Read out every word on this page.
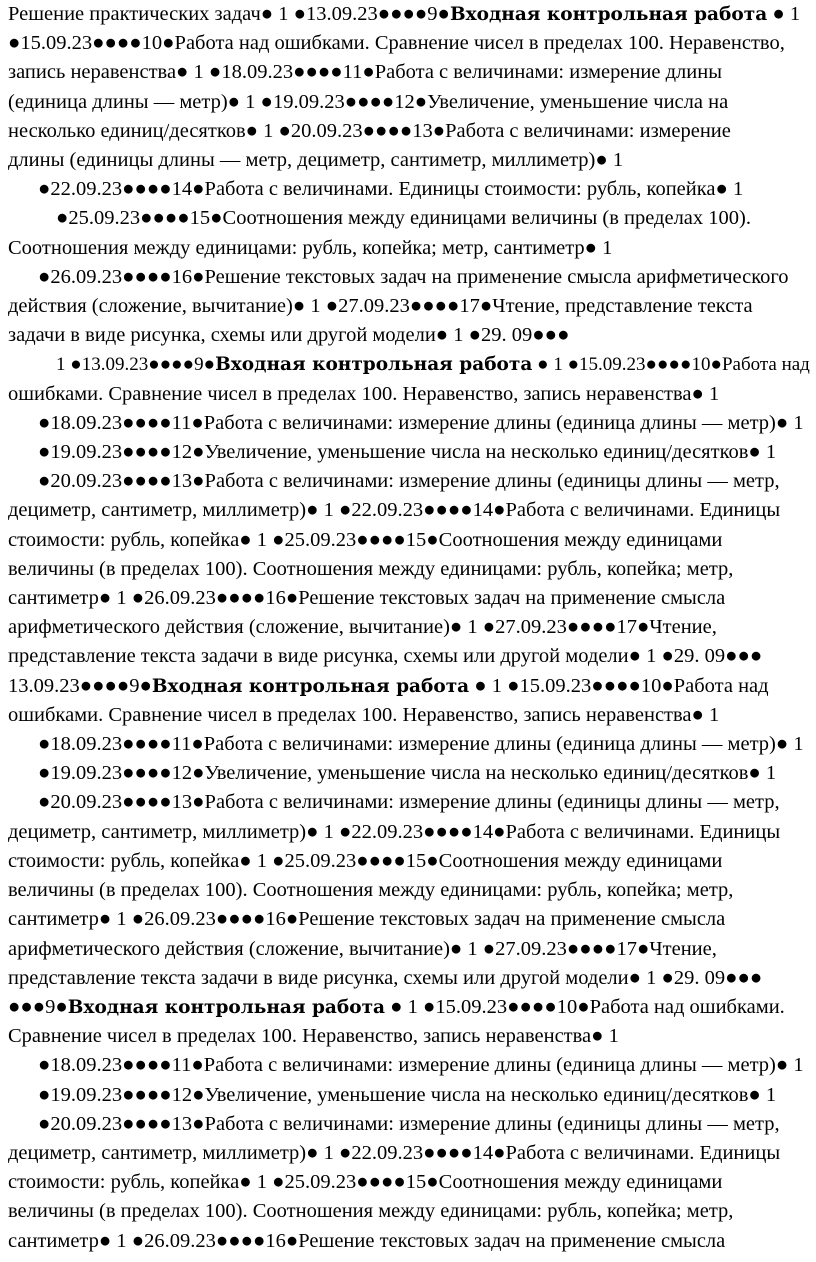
Решение практических задач● 1 ●13.09.23●●●●9●Входная контрольная работа ● 1
●15.09.23●●●●10●Работа над ошибками. Сравнение чисел в пределах 100. Неравенство,
запись неравенства● 1 ●18.09.23●●●●11●Работа с величинами: измерение длины
(единица длины — метр)● 1 ●19.09.23●●●●12●Увеличение, уменьшение числа на
несколько единиц/десятков● 1 ●20.09.23●●●●13●Работа с величинами: измерение
длины (единицы длины — метр, дециметр, сантиметр, миллиметр)● 1
●22.09.23●●●●14●Работа с величинами. Единицы стоимости: рубль, копейка● 1
●25.09.23●●●●15●Соотношения между единицами величины (в пределах 100).
Соотношения между единицами: рубль, копейка; метр, сантиметр● 1
●26.09.23●●●●16●Решение текстовых задач на применение смысла арифметического
действия (сложение, вычитание)● 1 ●27.09.23●●●●17●Чтение, представление текста
задачи в виде рисунка, схемы или другой модели● 1 ●29. 09●●●
1 ●13.09.23●●●●9●Входная контрольная работа ● 1 ●15.09.23●●●●10●Работа над
ошибками. Сравнение чисел в пределах 100. Неравенство, запись неравенства● 1
●18.09.23●●●●11●Работа с величинами: измерение длины (единица длины — метр)● 1
●19.09.23●●●●12●Увеличение, уменьшение числа на несколько единиц/десятков● 1
●20.09.23●●●●13●Работа с величинами: измерение длины (единицы длины — метр,
дециметр, сантиметр, миллиметр)● 1 ●22.09.23●●●●14●Работа с величинами. Единицы
стоимости: рубль, копейка● 1 ●25.09.23●●●●15●Соотношения между единицами
величины (в пределах 100). Соотношения между единицами: рубль, копейка; метр,
сантиметр● 1 ●26.09.23●●●●16●Решение текстовых задач на применение смысла
арифметического действия (сложение, вычитание)● 1 ●27.09.23●●●●17●Чтение,
представление текста задачи в виде рисунка, схемы или другой модели● 1 ●29. 09●●●
13.09.23●●●●9●Входная контрольная работа ● 1 ●15.09.23●●●●10●Работа над
ошибками. Сравнение чисел в пределах 100. Неравенство, запись неравенства● 1
●18.09.23●●●●11●Работа с величинами: измерение длины (единица длины — метр)● 1
●19.09.23●●●●12●Увеличение, уменьшение числа на несколько единиц/десятков● 1
●20.09.23●●●●13●Работа с величинами: измерение длины (единицы длины — метр,
дециметр, сантиметр, миллиметр)● 1 ●22.09.23●●●●14●Работа с величинами. Единицы
стоимости: рубль, копейка● 1 ●25.09.23●●●●15●Соотношения между единицами
величины (в пределах 100). Соотношения между единицами: рубль, копейка; метр,
сантиметр● 1 ●26.09.23●●●●16●Решение текстовых задач на применение смысла
арифметического действия (сложение, вычитание)● 1 ●27.09.23●●●●17●Чтение,
представление текста задачи в виде рисунка, схемы или другой модели● 1 ●29. 09●●●
●●●9●Входная контрольная работа ● 1 ●15.09.23●●●●10●Работа над ошибками.
Сравнение чисел в пределах 100. Неравенство, запись неравенства● 1
●18.09.23●●●●11●Работа с величинами: измерение длины (единица длины — метр)● 1
●19.09.23●●●●12●Увеличение, уменьшение числа на несколько единиц/десятков● 1
●20.09.23●●●●13●Работа с величинами: измерение длины (единицы длины — метр,
дециметр, сантиметр, миллиметр)● 1 ●22.09.23●●●●14●Работа с величинами. Единицы
стоимости: рубль, копейка● 1 ●25.09.23●●●●15●Соотношения между единицами
величины (в пределах 100). Соотношения между единицами: рубль, копейка; метр,
сантиметр● 1 ●26.09.23●●●●16●Решение текстовых задач на применение смысла
